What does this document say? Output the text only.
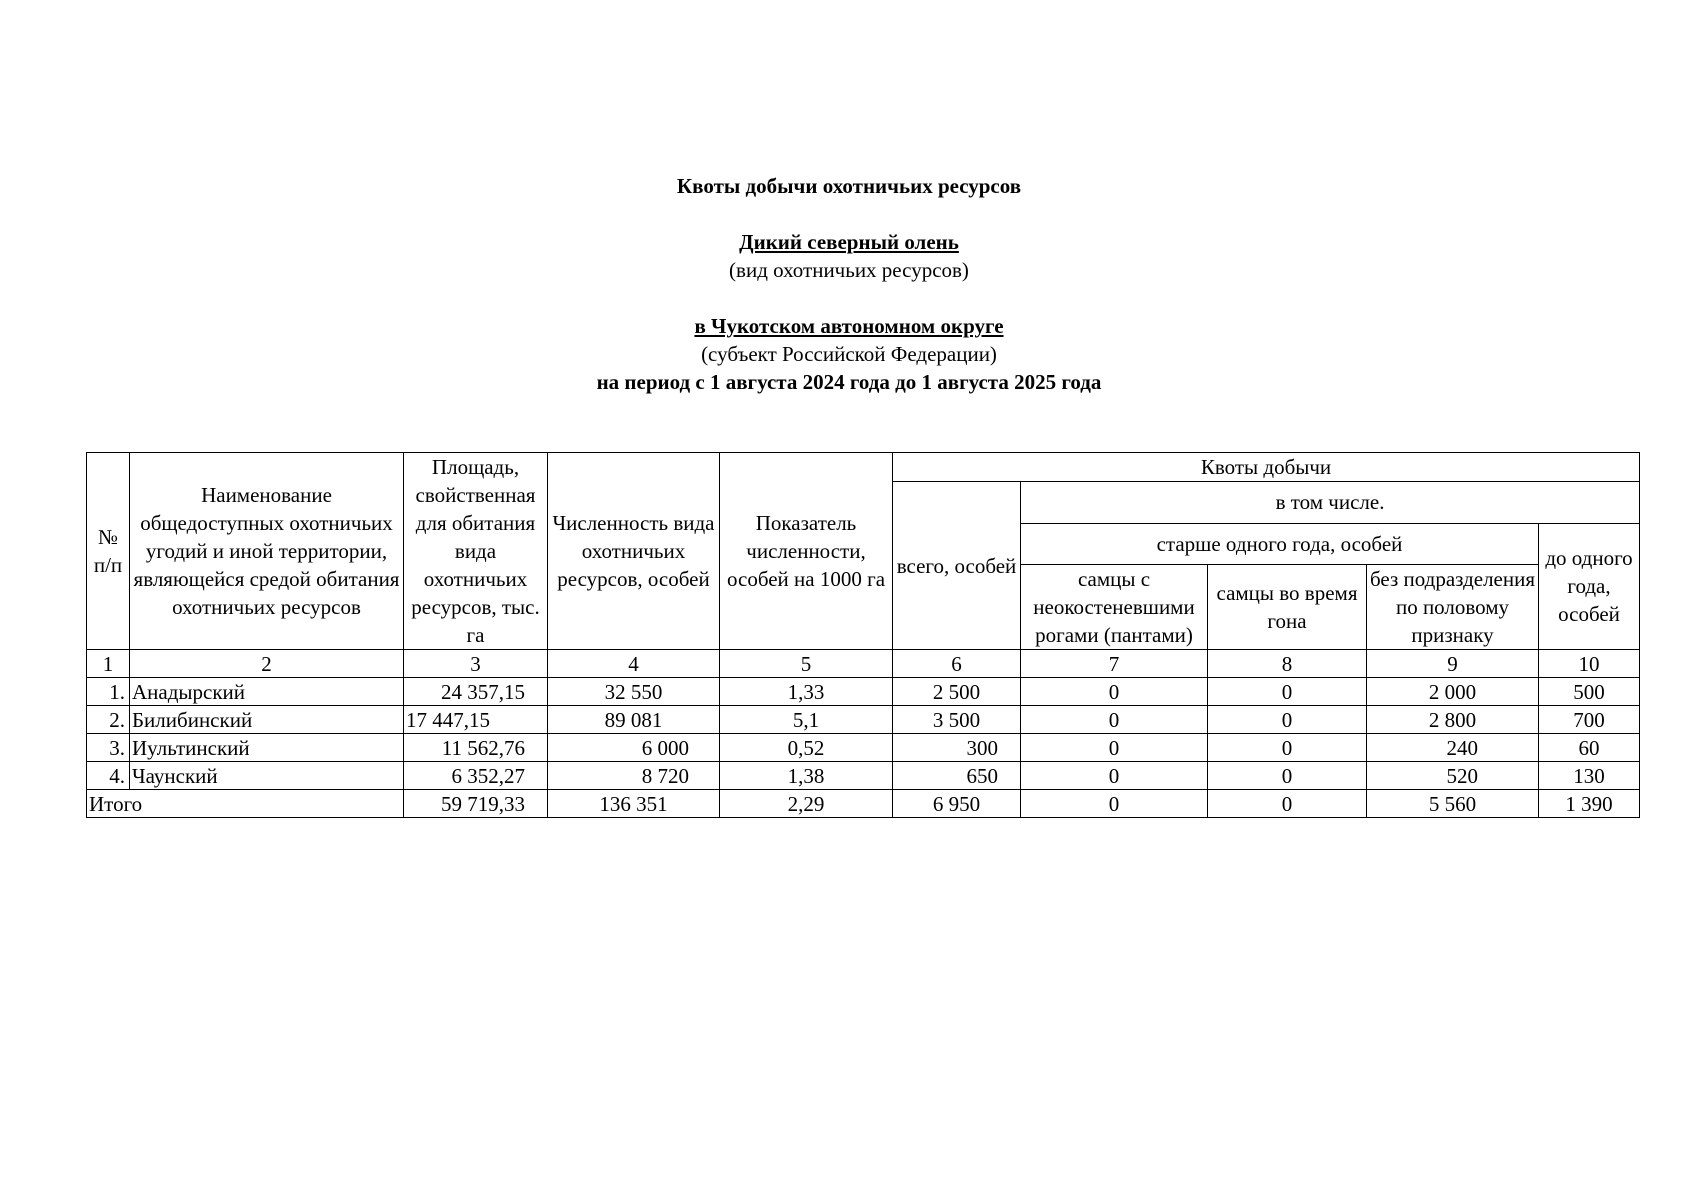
Квоты добычи охотничьих ресурсов
Дикий северный олень
(вид охотничьих ресурсов)
в Чукотском автономном округе
(субъект Российской Федерации)
на период с 1 августа 2024 года до 1 августа 2025 года
№ п/п	Наименование общедоступных охотничьих угодий и иной территории, являющейся средой обитания охотничьих ресурсов	Площадь, свойственная для обитания вида охотничьих ресурсов, тыс. га	Численность вида охотничьих ресурсов, особей	Показатель численности, особей на 1000 га	Квоты добычи				
					всего, особей	в том числе.			
						старше одного года, особей			до одного года, особей
						самцы с неокостеневшими рогами (пантами)	самцы во время гона	без подразделения по половому признаку	
1	2	3	4	5	6	7	8	9	10
1.	Анадырский	24 357,15	32 550	1,33	2 500	0	0	2 000	500
2.	Билибинский	17 447,15	89 081	5,1	3 500	0	0	2 800	700
3.	Иультинский	11 562,76	6 000	0,52	300	0	0	240	60
4.	Чаунский	6 352,27	8 720	1,38	650	0	0	520	130
Итого		59 719,33	136 351	2,29	6 950	0	0	5 560	1 390
